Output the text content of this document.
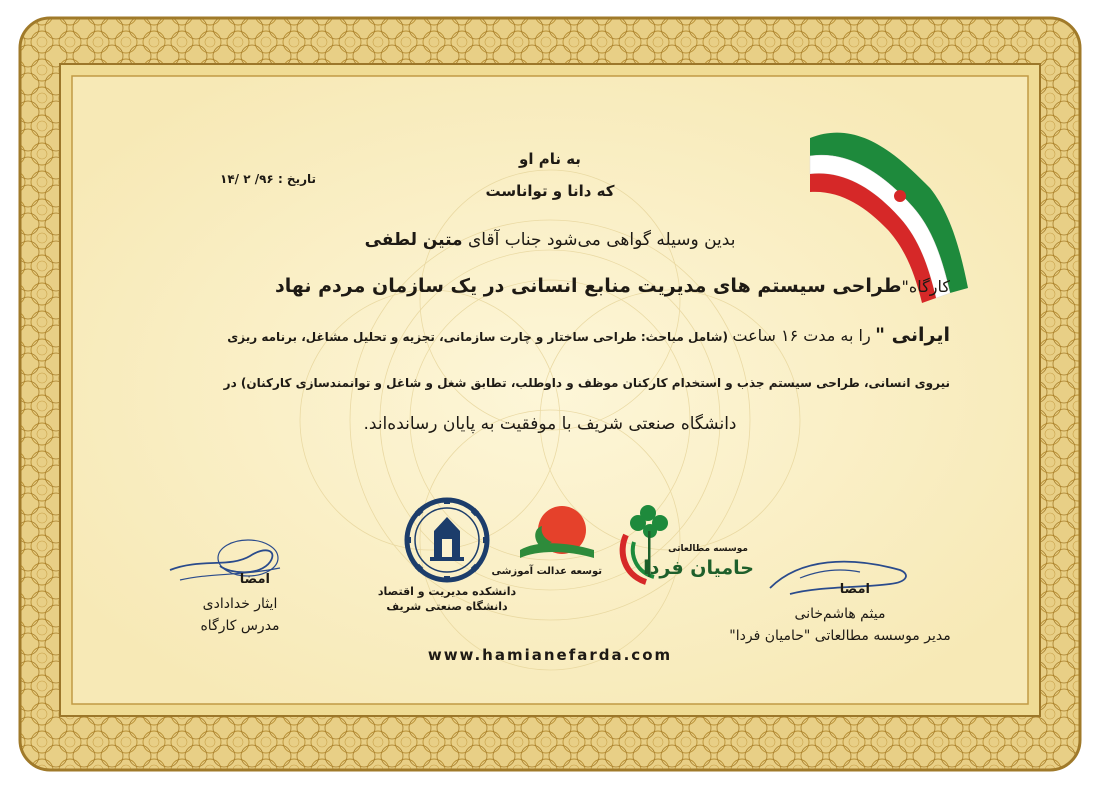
به نام او
که دانا و تواناست
تاریخ : ۹۶/ ۲ /۱۴
بدین وسیله گواهی می‌شود جناب آقای متین لطفی
کارگاه"طراحی سیستم های مدیریت منابع انسانی در یک سازمان مردم نهاد
ایرانی " را به مدت ۱۶ ساعت (شامل مباحث: طراحی ساختار و چارت سازمانی، تجزیه و تحلیل مشاغل، برنامه ریزی
نیروی انسانی، طراحی سیستم جذب و استخدام کارکنان موظف و داوطلب، تطابق شغل و شاغل و توانمندسازی کارکنان) در
دانشگاه صنعتی شریف با موفقیت به پایان رسانده‌اند.
دانشکده مدیریت و اقتصاد
دانشگاه صنعتی شریف
توسعه عدالت آموزشی
موسسه مطالعاتی
حامیان فردا
امضا
ایثار خدادادی
مدرس کارگاه
امضا
میثم هاشم‌خانی
مدیر موسسه مطالعاتی "حامیان فردا"
www.hamianefarda.com
